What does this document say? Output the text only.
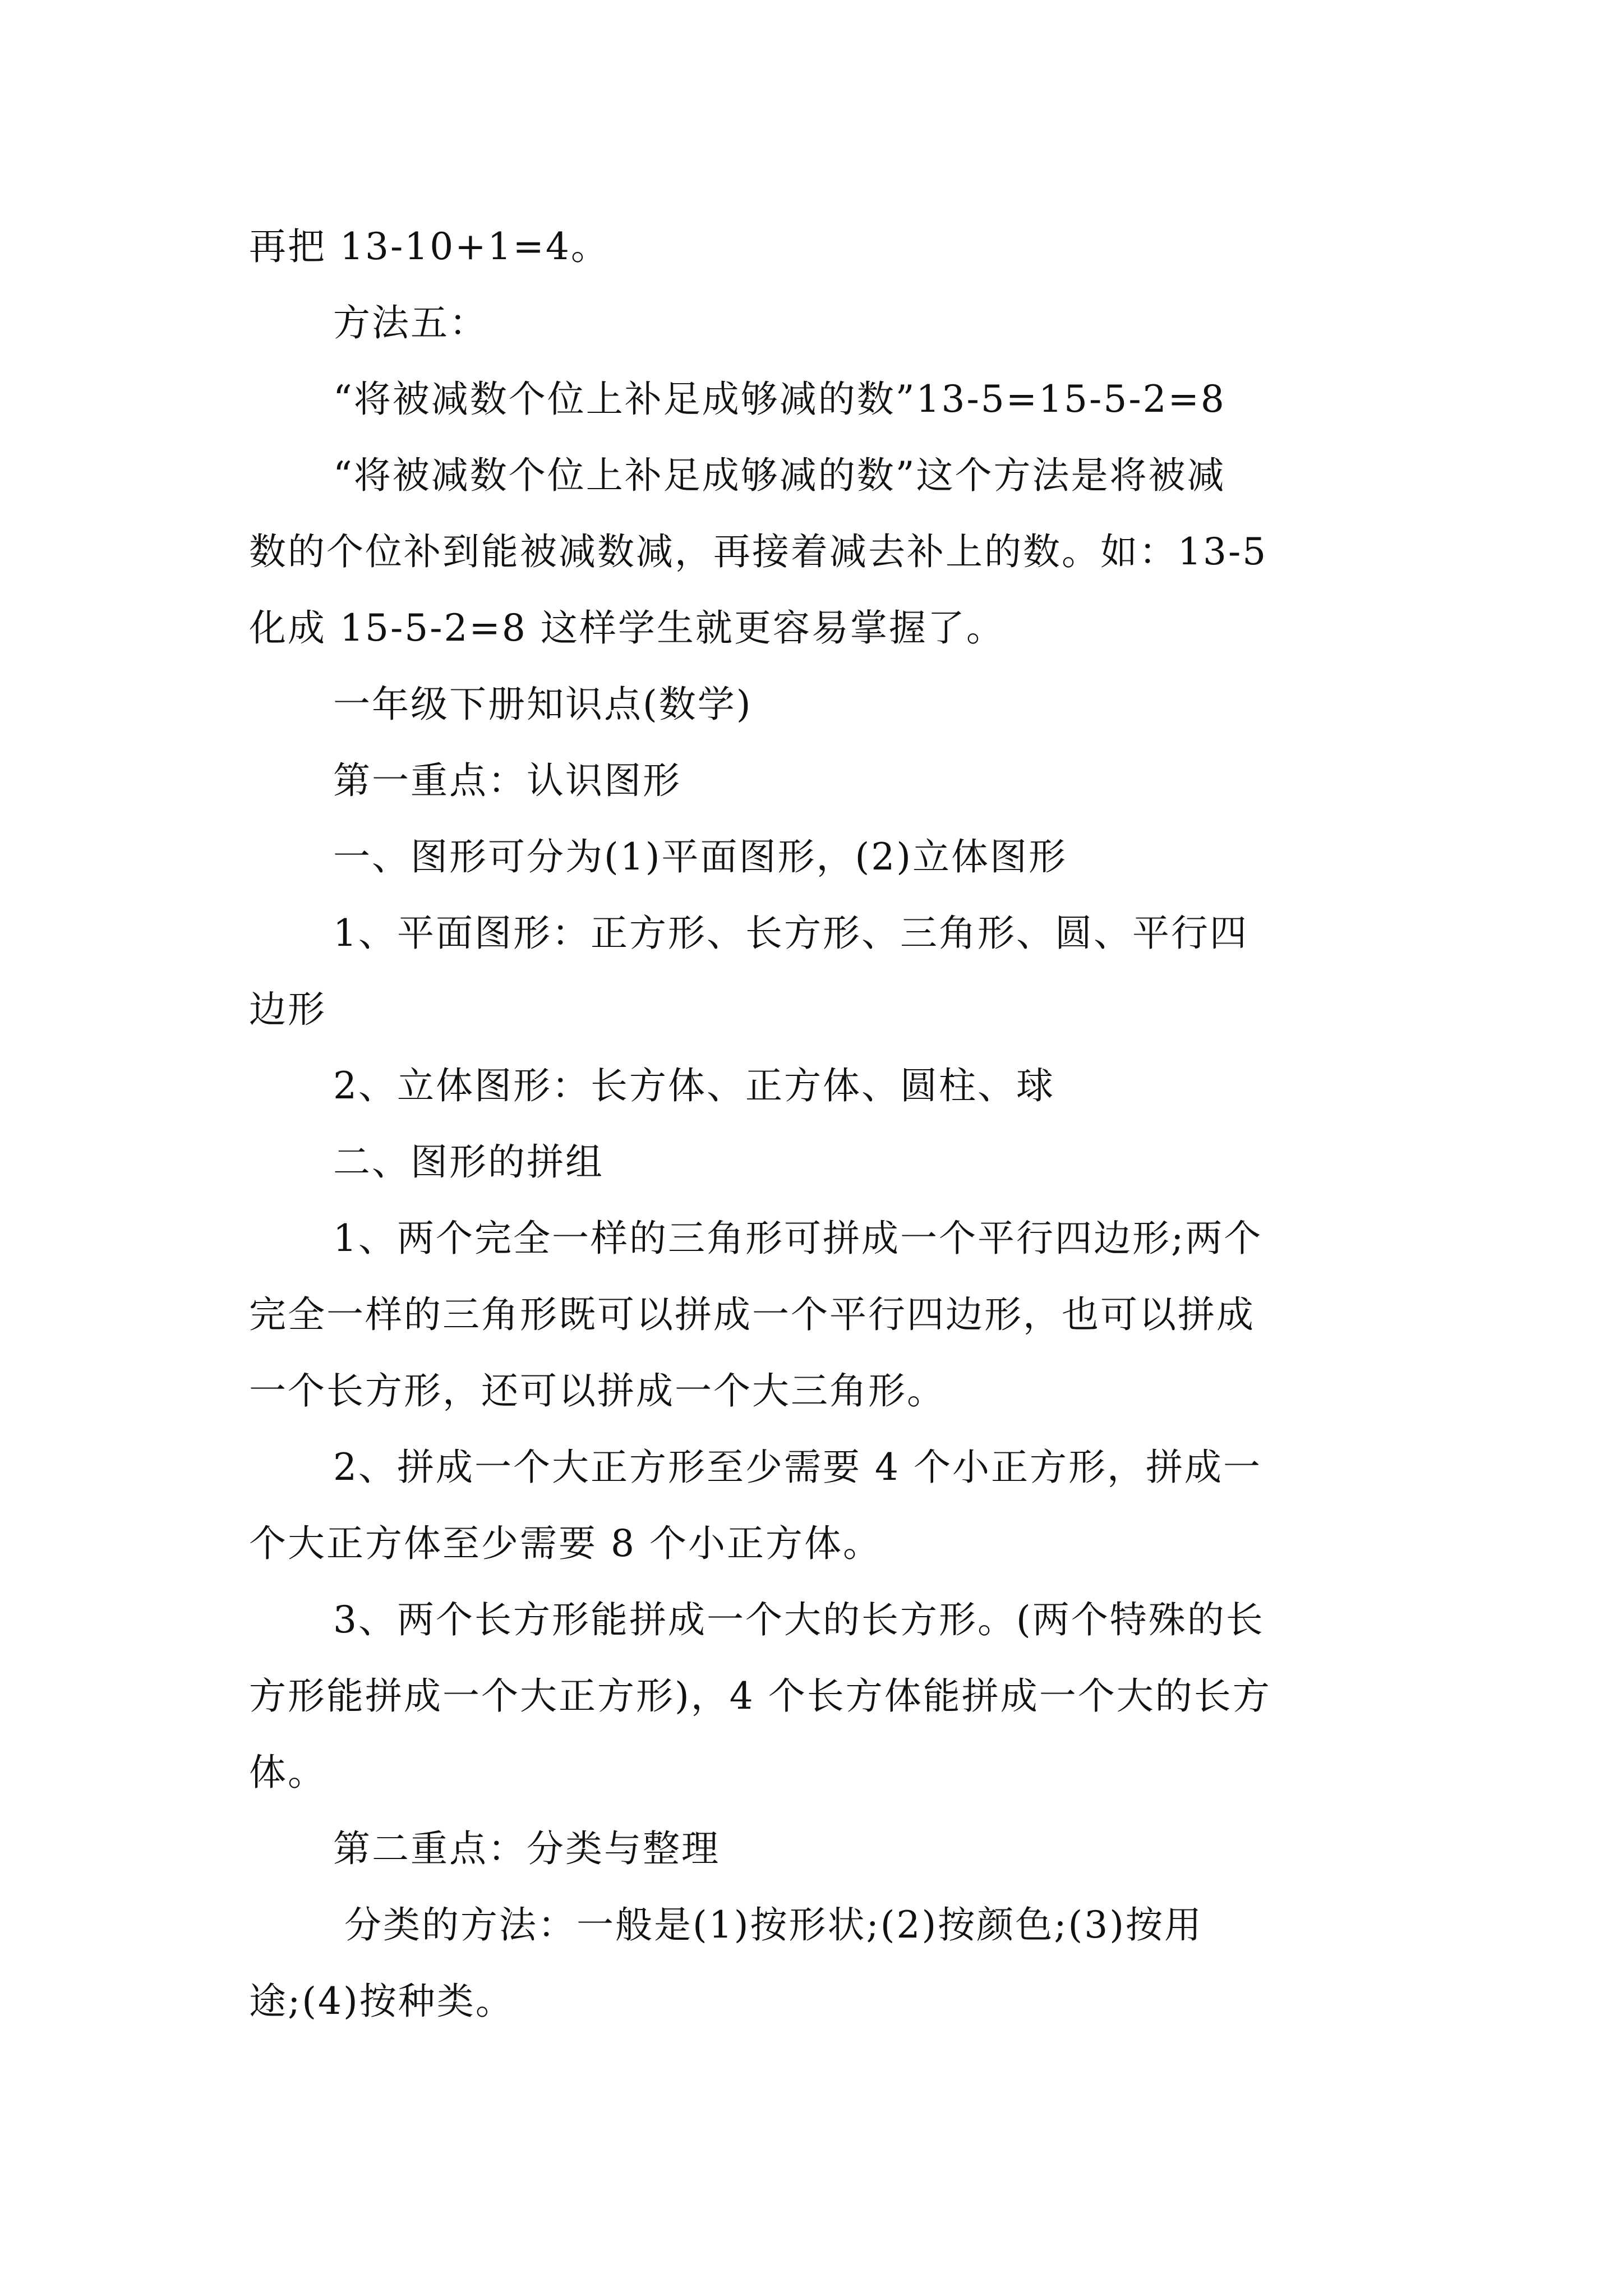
再把 13-10+1=4。
方法五：
“将被减数个位上补足成够减的数”13-5=15-5-2=8
“将被减数个位上补足成够减的数”这个方法是将被减
数的个位补到能被减数减，再接着减去补上的数。如：13-5
化成 15-5-2=8 这样学生就更容易掌握了。
一年级下册知识点(数学)
第一重点：认识图形
一、图形可分为(1)平面图形，(2)立体图形
1、平面图形：正方形、长方形、三角形、圆、平行四
边形
2、立体图形：长方体、正方体、圆柱、球
二、图形的拼组
1、两个完全一样的三角形可拼成一个平行四边形;两个
完全一样的三角形既可以拼成一个平行四边形，也可以拼成
一个长方形，还可以拼成一个大三角形。
2、拼成一个大正方形至少需要 4 个小正方形，拼成一
个大正方体至少需要 8 个小正方体。
3、两个长方形能拼成一个大的长方形。(两个特殊的长
方形能拼成一个大正方形)，4 个长方体能拼成一个大的长方
体。
第二重点：分类与整理
分类的方法：一般是(1)按形状;(2)按颜色;(3)按用
途;(4)按种类。
